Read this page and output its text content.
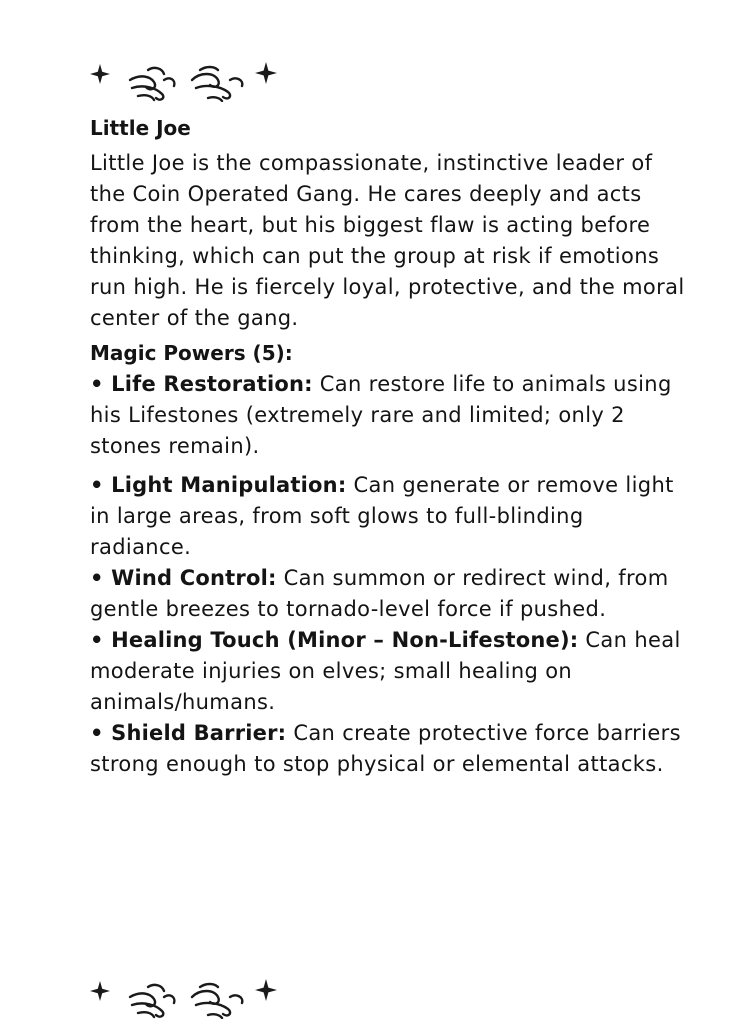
Little Joe

Little Joe is the compassionate, instinctive leader of the Coin Operated Gang. He cares deeply and acts from the heart, but his biggest flaw is acting before thinking, which can put the group at risk if emotions run high. He is fiercely loyal, protective, and the moral center of the gang.

Magic Powers (5):

• Life Restoration: Can restore life to animals using his Lifestones (extremely rare and limited; only 2 stones remain).

• Light Manipulation: Can generate or remove light in large areas, from soft glows to full-blinding radiance.

• Wind Control: Can summon or redirect wind, from gentle breezes to tornado-level force if pushed.

• Healing Touch (Minor – Non-Lifestone): Can heal moderate injuries on elves; small healing on animals/humans.

• Shield Barrier: Can create protective force barriers strong enough to stop physical or elemental attacks.
